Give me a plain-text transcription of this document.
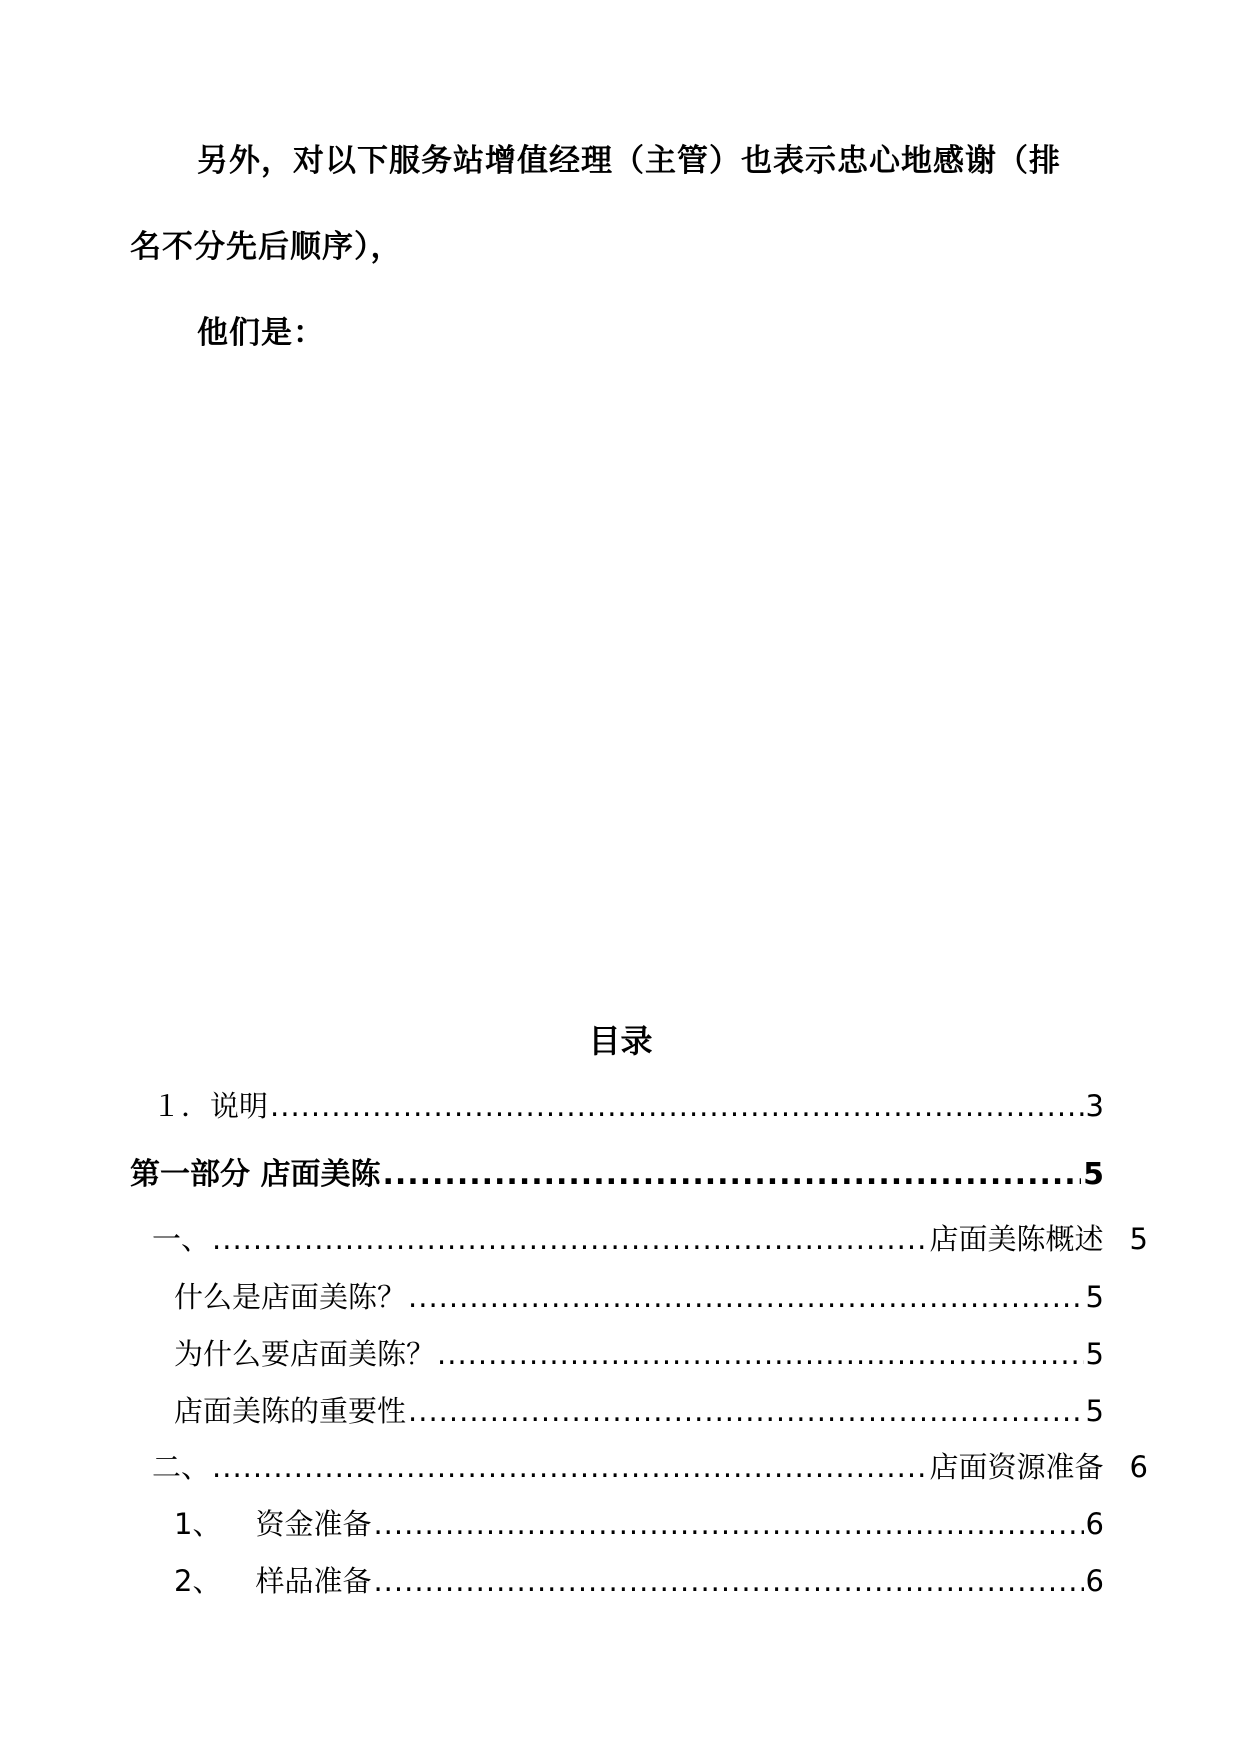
另外，对以下服务站增值经理（主管）也表示忠心地感谢（排
名不分先后顺序），
他们是：
目录
１．说明 .....	3
第一部分 店面美陈 .....	5
一、 .....	店面美陈概述 5
什么是店面美陈？ .....	5
为什么要店面美陈？ .....	5
店面美陈的重要性 .....	5
二、 .....	店面资源准备 6
1、 资金准备 .....	6
2、 样品准备 .....	6
